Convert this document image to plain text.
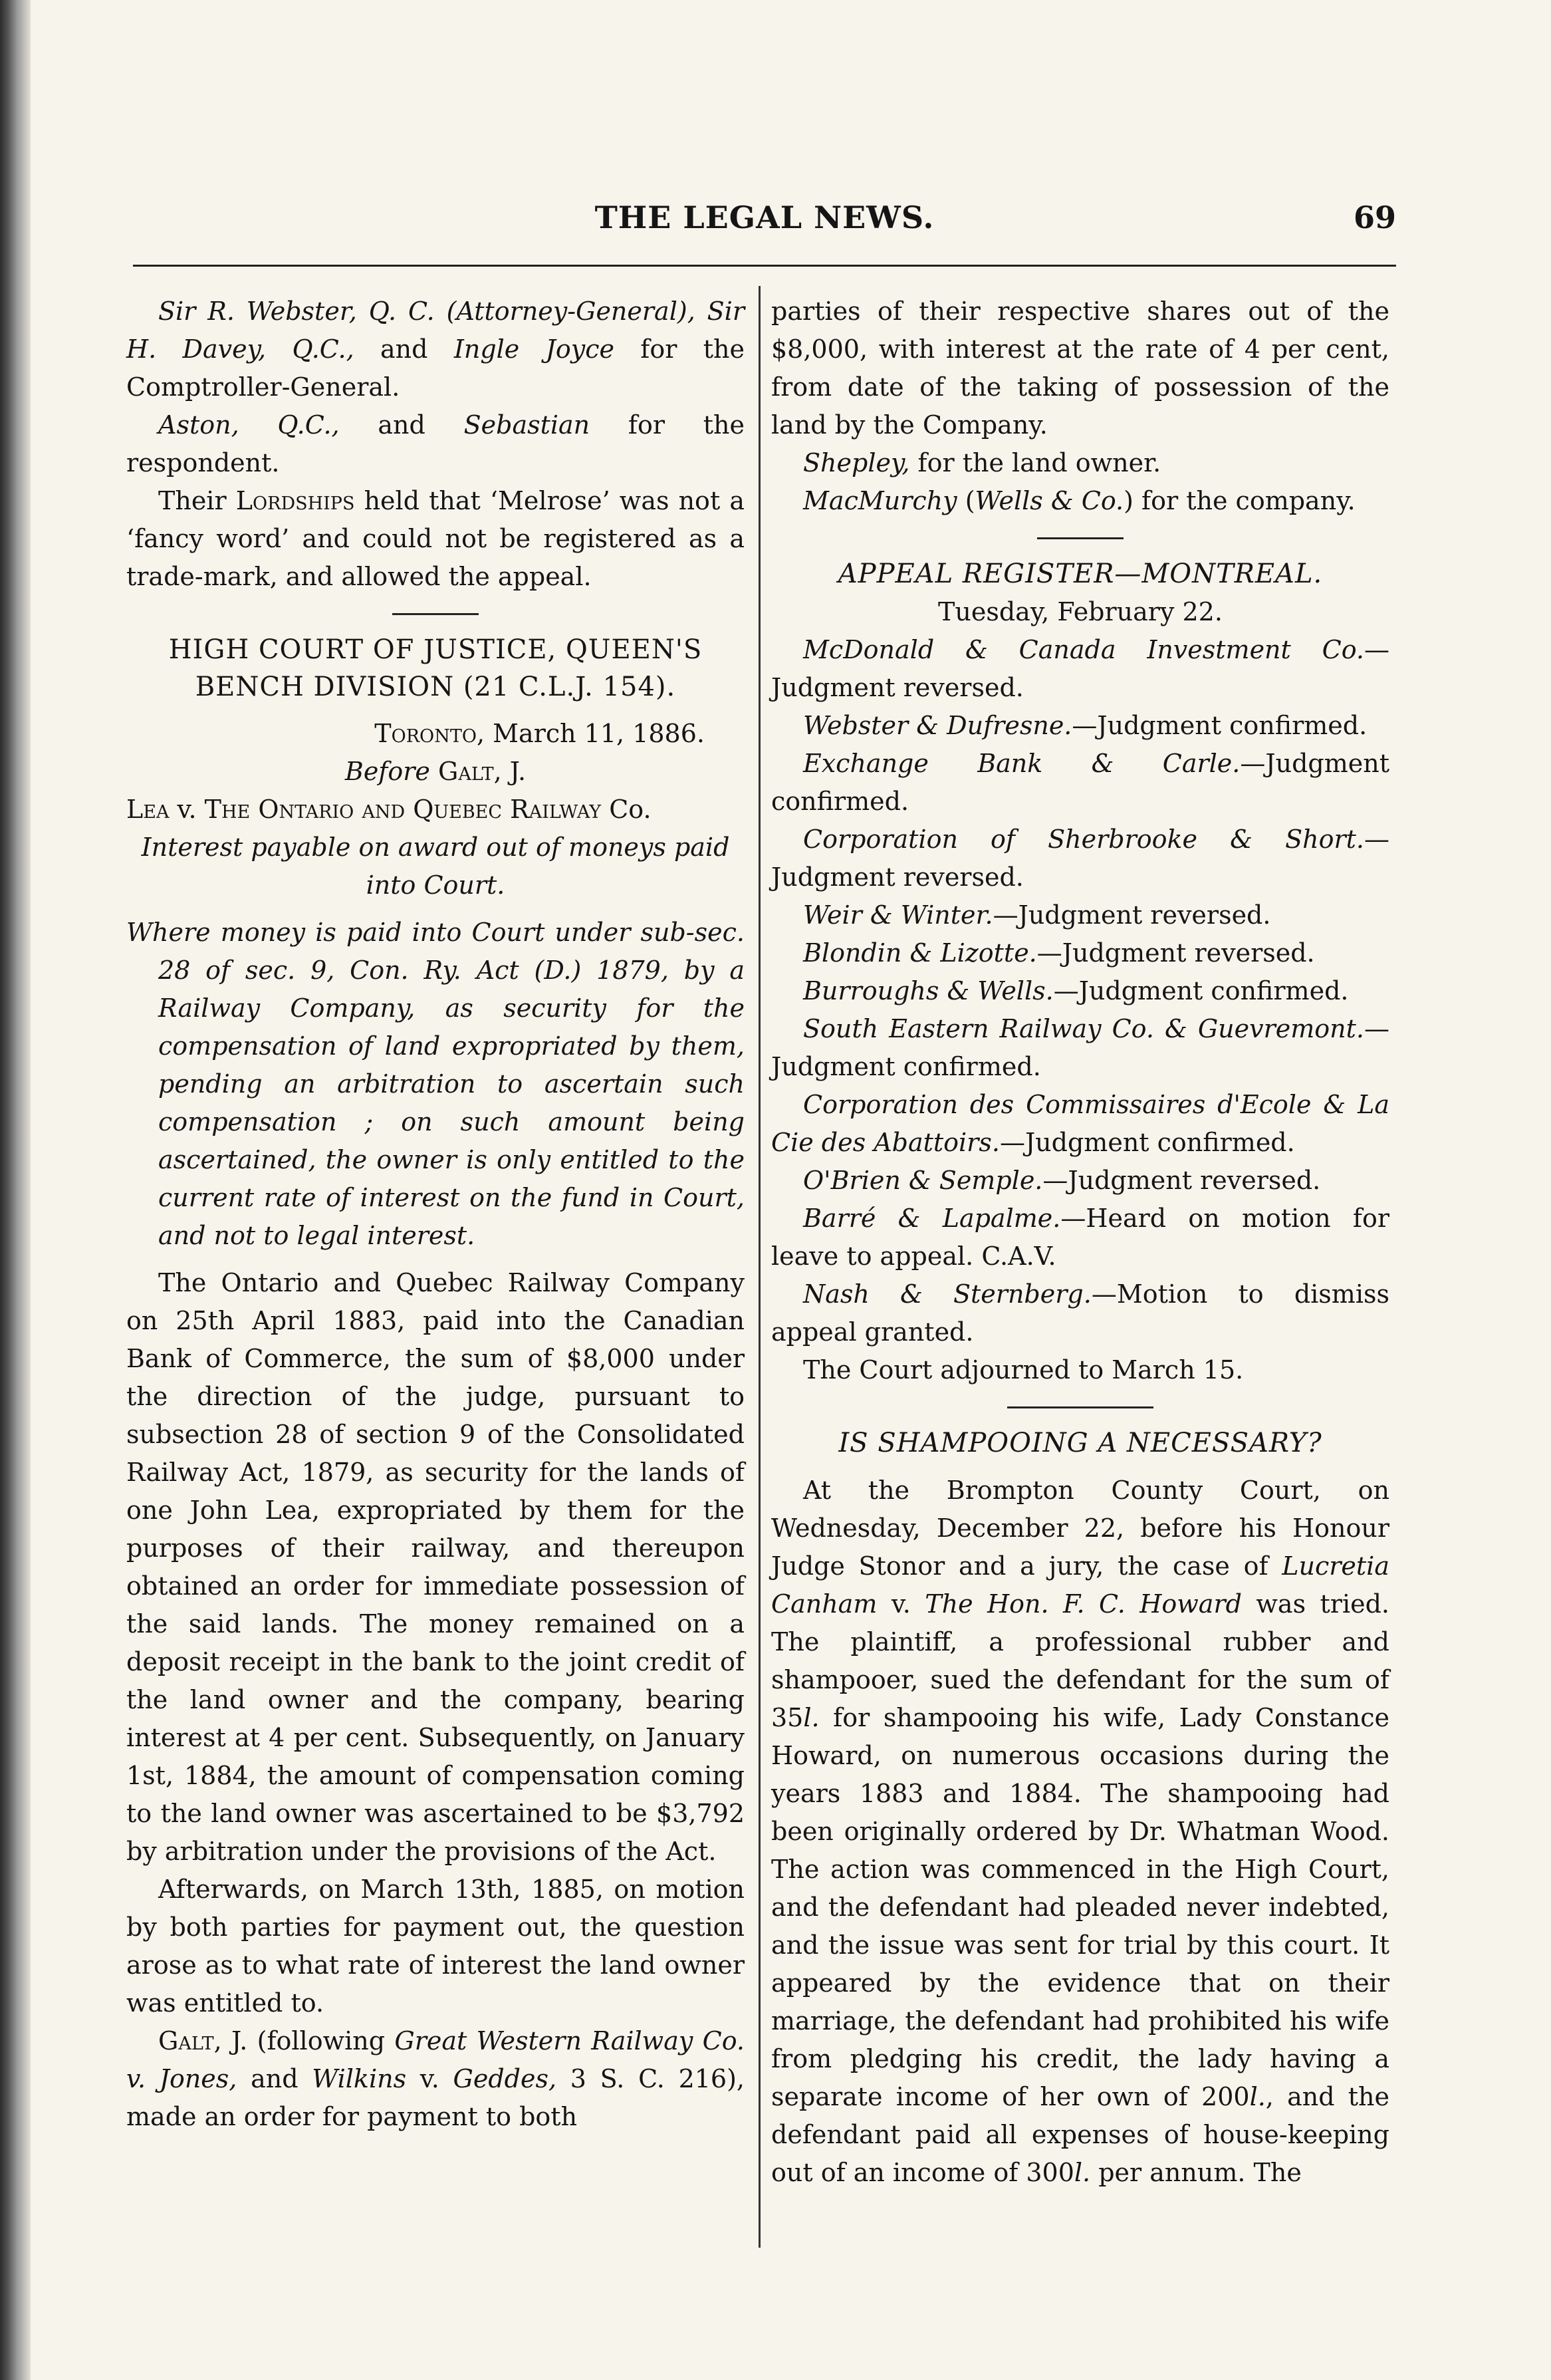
THE LEGAL NEWS.	69

Sir R. Webster, Q. C. (Attorney-General), Sir H. Davey, Q.C., and Ingle Joyce for the Comptroller-General.

Aston, Q.C., and Sebastian for the respondent.

Their Lordships held that ‘Melrose’ was not a ‘fancy word’ and could not be registered as a trade-mark, and allowed the appeal.

HIGH COURT OF JUSTICE, QUEEN'S BENCH DIVISION (21 C.L.J. 154).

Toronto, March 11, 1886.

Before Galt, J.

Lea v. The Ontario and Quebec Railway Co.

Interest payable on award out of moneys paid into Court.

Where money is paid into Court under sub-sec. 28 of sec. 9, Con. Ry. Act (D.) 1879, by a Railway Company, as security for the compensation of land expropriated by them, pending an arbitration to ascertain such compensation ; on such amount being ascertained, the owner is only entitled to the current rate of interest on the fund in Court, and not to legal interest.

The Ontario and Quebec Railway Company on 25th April 1883, paid into the Canadian Bank of Commerce, the sum of $8,000 under the direction of the judge, pursuant to subsection 28 of section 9 of the Consolidated Railway Act, 1879, as security for the lands of one John Lea, expropriated by them for the purposes of their railway, and thereupon obtained an order for immediate possession of the said lands. The money remained on a deposit receipt in the bank to the joint credit of the land owner and the company, bearing interest at 4 per cent. Subsequently, on January 1st, 1884, the amount of compensation coming to the land owner was ascertained to be $3,792 by arbitration under the provisions of the Act.

Afterwards, on March 13th, 1885, on motion by both parties for payment out, the question arose as to what rate of interest the land owner was entitled to.

Galt, J. (following Great Western Railway Co. v. Jones, and Wilkins v. Geddes, 3 S. C. 216), made an order for payment to both

parties of their respective shares out of the $8,000, with interest at the rate of 4 per cent, from date of the taking of possession of the land by the Company.

Shepley, for the land owner.

MacMurchy (Wells & Co.) for the company.

APPEAL REGISTER—MONTREAL.

Tuesday, February 22.

McDonald & Canada Investment Co.—Judgment reversed.

Webster & Dufresne.—Judgment confirmed.

Exchange Bank & Carle.—Judgment confirmed.

Corporation of Sherbrooke & Short.—Judgment reversed.

Weir & Winter.—Judgment reversed.

Blondin & Lizotte.—Judgment reversed.

Burroughs & Wells.—Judgment confirmed.

South Eastern Railway Co. & Guevremont.— Judgment confirmed.

Corporation des Commissaires d'Ecole & La Cie des Abattoirs.—Judgment confirmed.

O'Brien & Semple.—Judgment reversed.

Barré & Lapalme.—Heard on motion for leave to appeal. C.A.V.

Nash & Sternberg.—Motion to dismiss appeal granted.

The Court adjourned to March 15.

IS SHAMPOOING A NECESSARY?

At the Brompton County Court, on Wednesday, December 22, before his Honour Judge Stonor and a jury, the case of Lucretia Canham v. The Hon. F. C. Howard was tried. The plaintiff, a professional rubber and shampooer, sued the defendant for the sum of 35l. for shampooing his wife, Lady Constance Howard, on numerous occasions during the years 1883 and 1884. The shampooing had been originally ordered by Dr. Whatman Wood. The action was commenced in the High Court, and the defendant had pleaded never indebted, and the issue was sent for trial by this court. It appeared by the evidence that on their marriage, the defendant had prohibited his wife from pledging his credit, the lady having a separate income of her own of 200l., and the defendant paid all expenses of house-keeping out of an income of 300l. per annum. The
